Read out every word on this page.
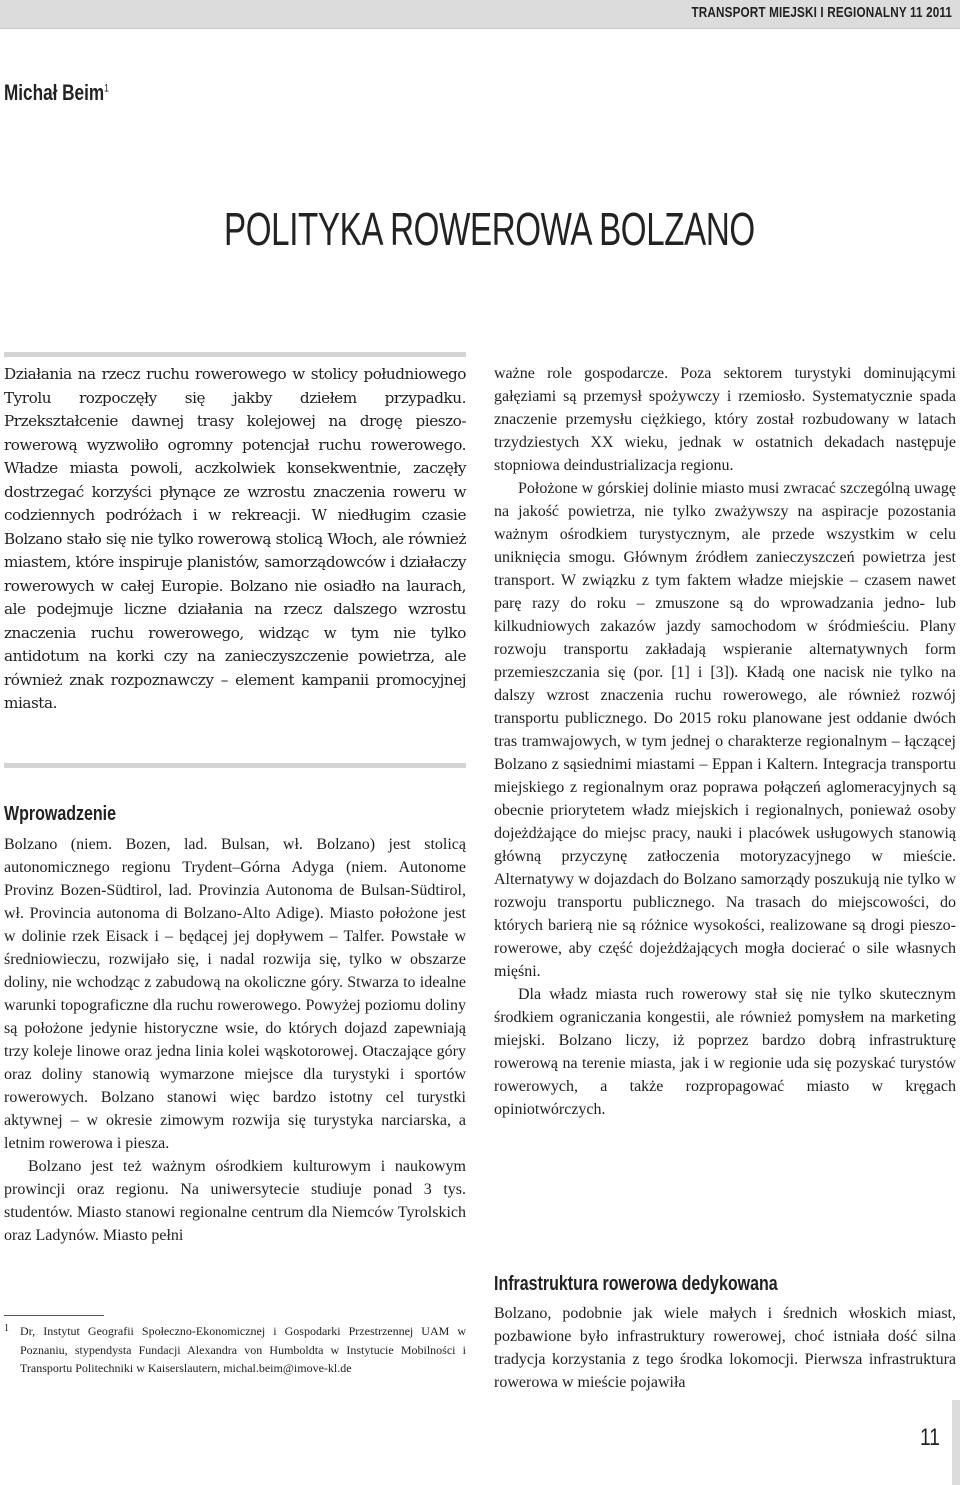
TRANSPORT MIEJSKI I REGIONALNY 11 2011
Michał Beim$^1$
POLITYKA ROWEROWA BOLZANO

Działania na rzecz ruchu rowerowego w stolicy południowego Tyrolu rozpoczęły się jakby dziełem przypadku. Przekształcenie dawnej trasy kolejowej na drogę pieszo-rowerową wyzwoliło ogromny potencjał ruchu rowerowego. Władze miasta powoli, aczkolwiek konsekwentnie, zaczęły dostrzegać korzyści płynące ze wzrostu znaczenia roweru w codziennych podróżach i w rekreacji. W niedługim czasie Bolzano stało się nie tylko rowerową stolicą Włoch, ale również miastem, które inspiruje planistów, samorządowców i działaczy rowerowych w całej Europie. Bolzano nie osiadło na laurach, ale podejmuje liczne działania na rzecz dalszego wzrostu znaczenia ruchu rowerowego, widząc w tym nie tylko antidotum na korki czy na zanieczyszczenie powietrza, ale również znak rozpoznawczy – element kampanii promocyjnej miasta.

Wprowadzenie

Bolzano (niem. Bozen, lad. Bulsan, wł. Bolzano) jest stolicą autonomicznego regionu Trydent–Górna Adyga (niem. Autonome Provinz Bozen-Südtirol, lad. Provinzia Autonoma de Bulsan-Südtirol, wł. Provincia autonoma di Bolzano-Alto Adige). Miasto położone jest w dolinie rzek Eisack i – będącej jej dopływem – Talfer. Powstałe w średniowieczu, rozwijało się, i nadal rozwija się, tylko w obszarze doliny, nie wchodząc z zabudową na okoliczne góry. Stwarza to idealne warunki topograficzne dla ruchu rowerowego. Powyżej poziomu doliny są położone jedynie historyczne wsie, do których dojazd zapewniają trzy koleje linowe oraz jedna linia kolei wąskotorowej. Otaczające góry oraz doliny stanowią wymarzone miejsce dla turystyki i sportów rowerowych. Bolzano stanowi więc bardzo istotny cel turystki aktywnej – w okresie zimowym rozwija się turystyka narciarska, a letnim rowerowa i piesza.

Bolzano jest też ważnym ośrodkiem kulturowym i naukowym prowincji oraz regionu. Na uniwersytecie studiuje ponad 3 tys. studentów. Miasto stanowi regionalne centrum dla Niemców Tyrolskich oraz Ladynów. Miasto pełni

1 Dr, Instytut Geografii Społeczno-Ekonomicznej i Gospodarki Przestrzennej UAM w Poznaniu, stypendysta Fundacji Alexandra von Humboldta w Instytucie Mobilności i Transportu Politechniki w Kaiserslautern, michal.beim@imove-kl.de

ważne role gospodarcze. Poza sektorem turystyki dominującymi gałęziami są przemysł spożywczy i rzemiosło. Systematycznie spada znaczenie przemysłu ciężkiego, który został rozbudowany w latach trzydziestych XX wieku, jednak w ostatnich dekadach następuje stopniowa deindustrializacja regionu.

Położone w górskiej dolinie miasto musi zwracać szczególną uwagę na jakość powietrza, nie tylko zważywszy na aspiracje pozostania ważnym ośrodkiem turystycznym, ale przede wszystkim w celu uniknięcia smogu. Głównym źródłem zanieczyszczeń powietrza jest transport. W związku z tym faktem władze miejskie – czasem nawet parę razy do roku – zmuszone są do wprowadzania jedno- lub kilkudniowych zakazów jazdy samochodom w śródmieściu. Plany rozwoju transportu zakładają wspieranie alternatywnych form przemieszczania się (por. [1] i [3]). Kładą one nacisk nie tylko na dalszy wzrost znaczenia ruchu rowerowego, ale również rozwój transportu publicznego. Do 2015 roku planowane jest oddanie dwóch tras tramwajowych, w tym jednej o charakterze regionalnym – łączącej Bolzano z sąsiednimi miastami – Eppan i Kaltern. Integracja transportu miejskiego z regionalnym oraz poprawa połączeń aglomeracyjnych są obecnie priorytetem władz miejskich i regionalnych, ponieważ osoby dojeżdżające do miejsc pracy, nauki i placówek usługowych stanowią główną przyczynę zatłoczenia motoryzacyjnego w mieście. Alternatywy w dojazdach do Bolzano samorządy poszukują nie tylko w rozwoju transportu publicznego. Na trasach do miejscowości, do których barierą nie są różnice wysokości, realizowane są drogi pieszo-rowerowe, aby część dojeżdżających mogła docierać o sile własnych mięśni.

Dla władz miasta ruch rowerowy stał się nie tylko skutecznym środkiem ograniczania kongestii, ale również pomysłem na marketing miejski. Bolzano liczy, iż poprzez bardzo dobrą infrastrukturę rowerową na terenie miasta, jak i w regionie uda się pozyskać turystów rowerowych, a także rozpropagować miasto w kręgach opiniotwórczych.

Infrastruktura rowerowa dedykowana

Bolzano, podobnie jak wiele małych i średnich włoskich miast, pozbawione było infrastruktury rowerowej, choć istniała dość silna tradycja korzystania z tego środka lokomocji. Pierwsza infrastruktura rowerowa w mieście pojawiła

11
